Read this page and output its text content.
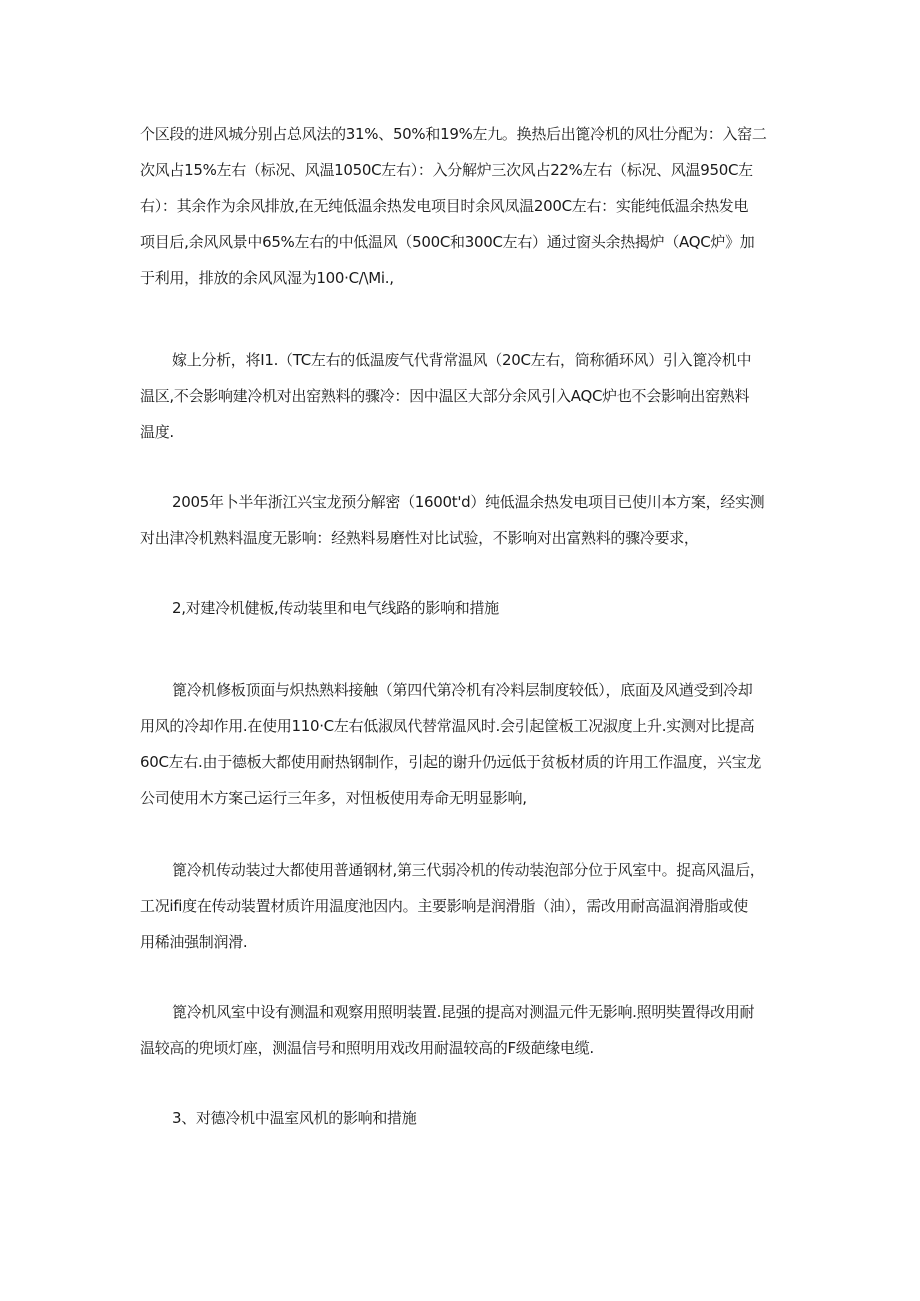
个区段的进风城分别占总风法的31%、50%和19%左九。换热后出篦冷机的风壮分配为：入窑二
次风占15%左右（标况、风温1050C左右）：入分解炉三次风占22%左右（标况、风温950C左
右）：其余作为余风排放,在无纯低温余热发电项目时余风凤温200C左右：实能纯低温余热发电
项目后,余风风景中65%左右的中低温风（500C和300C左右）通过窗头余热揭炉（AQC炉》加
于利用，排放的余风风湿为100·C/\Mi.,
嫁上分析，将I1.（TC左右的低温废气代背常温风（20C左右，筒称循环风）引入篦冷机中
温区,不会影响建冷机对出窑熟料的骤冷：因中温区大部分余风引入AQC炉也不会影响出窑熟料
温度.
2005年卜半年浙江兴宝龙预分解密（1600t'd）纯低温余热发电项目已使川本方案，经实测
对出津冷机熟料温度无影响：经熟料易磨性对比试验，不影响对出富熟料的骤冷要求，

2,对建冷机健板,传动装里和电气线路的影响和措施

篦冷机修板顶面与炽热熟料接触（第四代第冷机有冷料层制度较低），底面及风遒受到冷却
用风的冷却作用.在使用110·C左右低淑凤代替常温风时.会引起筐板工况淑度上升.实测对比提高
60C左右.由于德板大都使用耐热钢制作，引起的谢升仍远低于贫板材质的许用工作温度，兴宝龙
公司使用木方案己运行三年多，对忸板使用寿命无明显影响,
篦冷机传动装过大都使用普通钢材,第三代弱冷机的传动装泡部分位于风室中。捉高风温后，
工况ifi度在传动装置材质许用温度池因内。主要影响是润滑脂（油），需改用耐高温润滑脂或使
用稀油强制润滑.
篦冷机风室中设有测温和观察用照明装置.昆强的提高对测温元件无影响.照明奘置得改用耐
温较高的兜顷灯座，测温信号和照明用戏改用耐温较高的F级葩缘电缆.

3、对德冷机中温室风机的影响和措施
